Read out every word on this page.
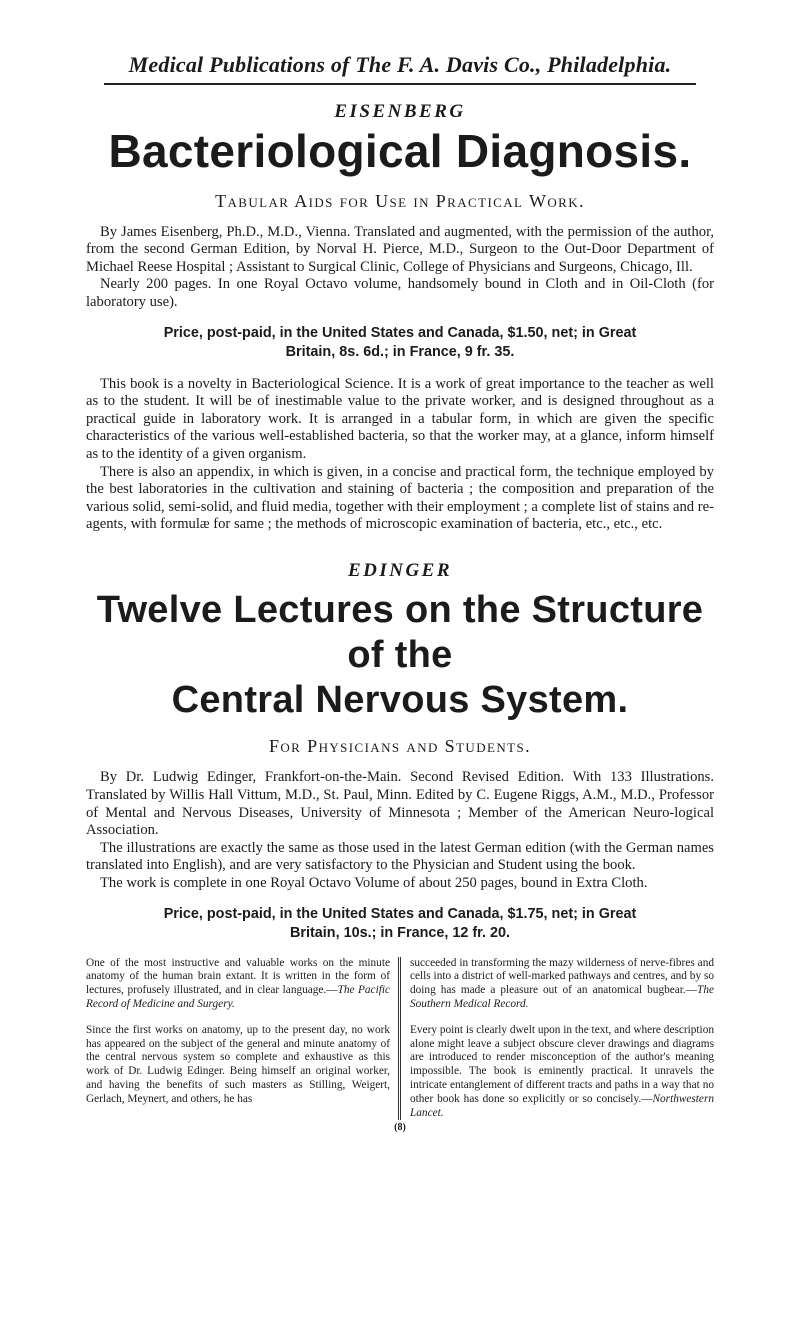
Medical Publications of The F. A. Davis Co., Philadelphia.
EISENBERG
Bacteriological Diagnosis.
Tabular Aids for Use in Practical Work.

By James Eisenberg, Ph.D., M.D., Vienna. Translated and augmented, with the permission of the author, from the second German Edition, by Norval H. Pierce, M.D., Surgeon to the Out-Door Department of Michael Reese Hospital ; Assistant to Surgical Clinic, College of Physicians and Surgeons, Chicago, Ill.

Nearly 200 pages. In one Royal Octavo volume, handsomely bound in Cloth and in Oil-Cloth (for laboratory use).

Price, post-paid, in the United States and Canada, $1.50, net; in Great
Britain, 8s. 6d.; in France, 9 fr. 35.

This book is a novelty in Bacteriological Science. It is a work of great importance to the teacher as well as to the student. It will be of inestimable value to the private worker, and is designed throughout as a practical guide in laboratory work. It is arranged in a tabular form, in which are given the specific characteristics of the various well-established bacteria, so that the worker may, at a glance, inform himself as to the identity of a given organism.

There is also an appendix, in which is given, in a concise and practical form, the technique employed by the best laboratories in the cultivation and staining of bacteria ; the composition and preparation of the various solid, semi-solid, and fluid media, together with their employment ; a complete list of stains and re-agents, with formulæ for same ; the methods of microscopic examination of bacteria, etc., etc., etc.

EDINGER
Twelve Lectures on the Structure of the
Central Nervous System.
For Physicians and Students.

By Dr. Ludwig Edinger, Frankfort-on-the-Main. Second Revised Edition. With 133 Illustrations. Translated by Willis Hall Vittum, M.D., St. Paul, Minn. Edited by C. Eugene Riggs, A.M., M.D., Professor of Mental and Nervous Diseases, University of Minnesota ; Member of the American Neuro-logical Association.

The illustrations are exactly the same as those used in the latest German edition (with the German names translated into English), and are very satisfactory to the Physician and Student using the book.

The work is complete in one Royal Octavo Volume of about 250 pages, bound in Extra Cloth.

Price, post-paid, in the United States and Canada, $1.75, net; in Great
Britain, 10s.; in France, 12 fr. 20.

One of the most instructive and valuable works on the minute anatomy of the human brain extant. It is written in the form of lectures, profusely illustrated, and in clear language.—The Pacific Record of Medicine and Surgery.

Since the first works on anatomy, up to the present day, no work has appeared on the subject of the general and minute anatomy of the central nervous system so complete and exhaustive as this work of Dr. Ludwig Edinger. Being himself an original worker, and having the benefits of such masters as Stilling, Weigert, Gerlach, Meynert, and others, he has

succeeded in transforming the mazy wilderness of nerve-fibres and cells into a district of well-marked pathways and centres, and by so doing has made a pleasure out of an anatomical bugbear.—The Southern Medical Record.

Every point is clearly dwelt upon in the text, and where description alone might leave a subject obscure clever drawings and diagrams are introduced to render misconception of the author's meaning impossible. The book is eminently practical. It unravels the intricate entanglement of different tracts and paths in a way that no other book has done so explicitly or so concisely.—Northwestern Lancet.

(8)
